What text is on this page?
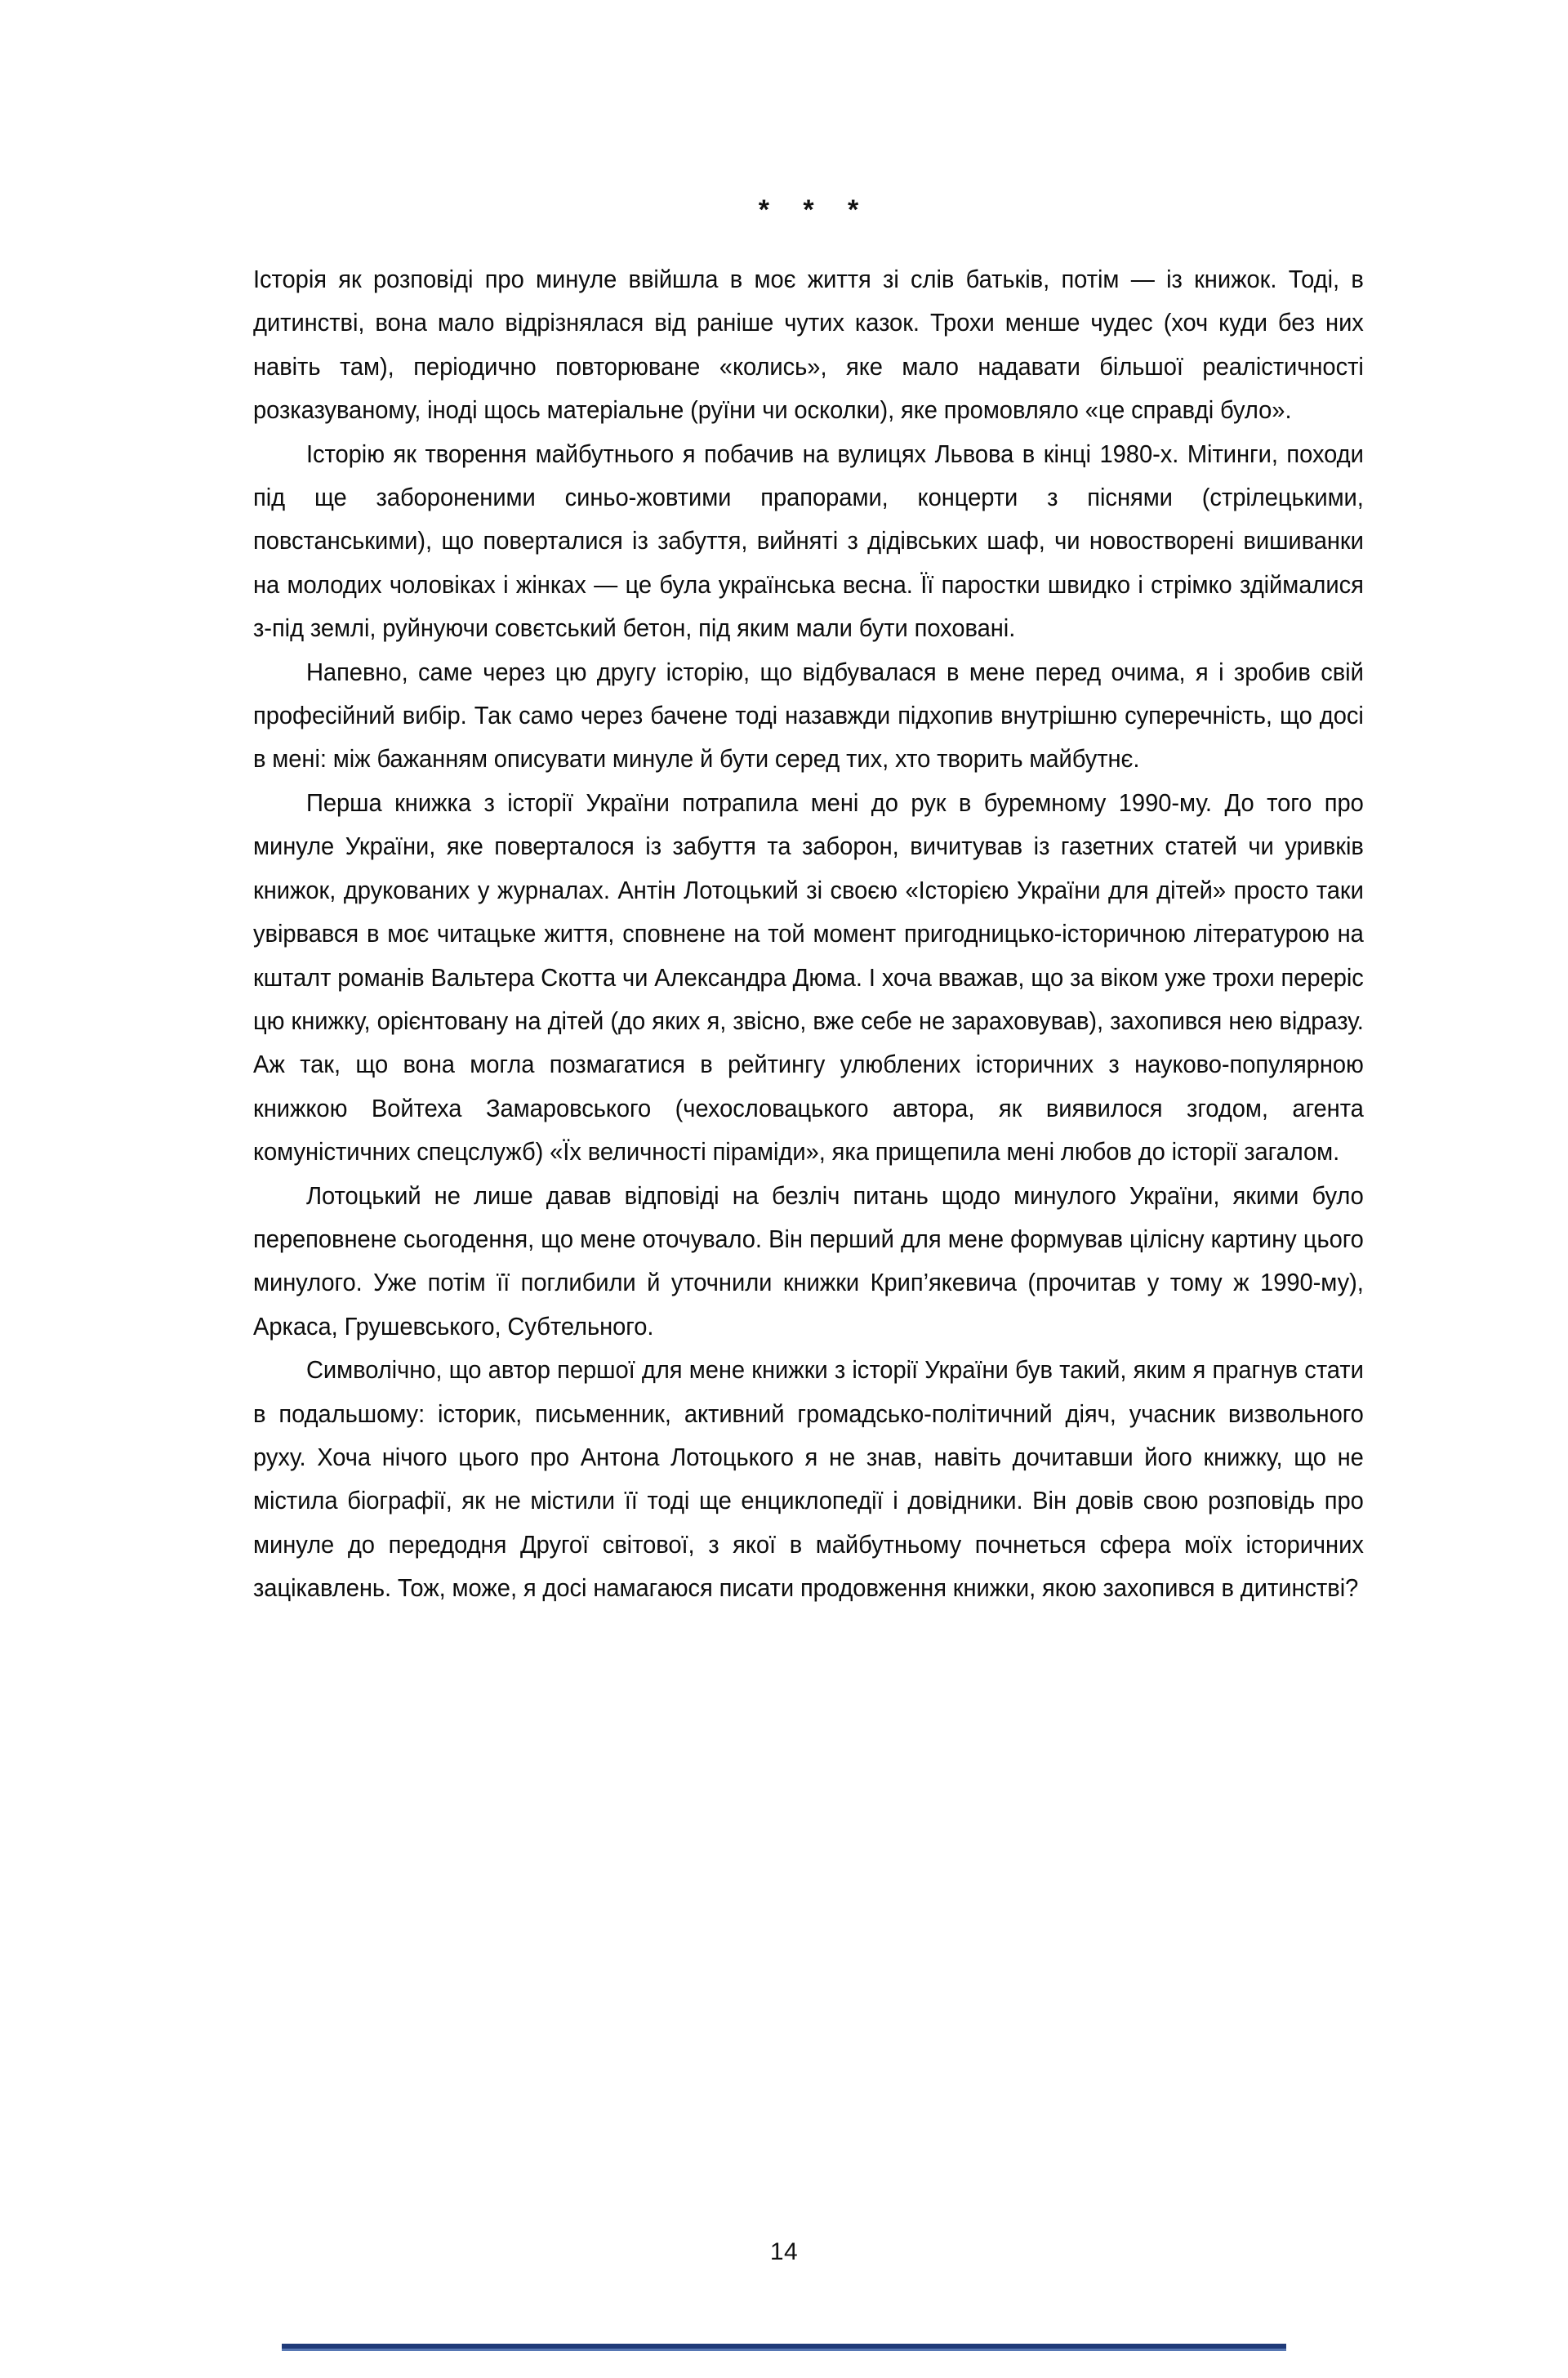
* * *

Історія як розповіді про минуле ввійшла в моє життя зі слів батьків, потім — із книжок. Тоді, в дитинстві, вона мало відрізнялася від раніше чутих казок. Трохи менше чудес (хоч куди без них навіть там), періодично повторюване «колись», яке мало надавати більшої реалістичності розказуваному, іноді щось матеріальне (руїни чи осколки), яке промовляло «це справді було».

Історію як творення майбутнього я побачив на вулицях Львова в кінці 1980-х. Мітинги, походи під ще забороненими синьо-жовтими прапорами, концерти з піснями (стрілецькими, повстанськими), що поверталися із забуття, вийняті з дідівських шаф, чи новостворені вишиванки на молодих чоловіках і жінках — це була українська весна. Її паростки швидко і стрімко здіймалися з-під землі, руйнуючи совєтський бетон, під яким мали бути поховані.

Напевно, саме через цю другу історію, що відбувалася в мене перед очима, я і зробив свій професійний вибір. Так само через бачене тоді назавжди підхопив внутрішню суперечність, що досі в мені: між бажанням описувати минуле й бути серед тих, хто творить майбутнє.

Перша книжка з історії України потрапила мені до рук в буремному 1990-му. До того про минуле України, яке поверталося із забуття та заборон, вичитував із газетних статей чи уривків книжок, друкованих у журналах. Антін Лотоцький зі своєю «Історією України для дітей» просто таки увірвався в моє читацьке життя, сповнене на той момент пригодницько-історичною літературою на кшталт романів Вальтера Скотта чи Александра Дюма. І хоча вважав, що за віком уже трохи переріс цю книжку, орієнтовану на дітей (до яких я, звісно, вже себе не зараховував), захопився нею відразу. Аж так, що вона могла позмагатися в рейтингу улюблених історичних з науково-популярною книжкою Войтеха Замаровського (чехословацького автора, як виявилося згодом, агента комуністичних спецслужб) «Їх величності піраміди», яка прищепила мені любов до історії загалом.

Лотоцький не лише давав відповіді на безліч питань щодо минулого України, якими було переповнене сьогодення, що мене оточувало. Він перший для мене формував цілісну картину цього минулого. Уже потім її поглибили й уточнили книжки Крип’якевича (прочитав у тому ж 1990-му), Аркаса, Грушевського, Субтельного.

Символічно, що автор першої для мене книжки з історії України був такий, яким я прагнув стати в подальшому: історик, письменник, активний громадсько-політичний діяч, учасник визвольного руху. Хоча нічого цього про Антона Лотоцького я не знав, навіть дочитавши його книжку, що не містила біографії, як не містили її тоді ще енциклопедії і довідники. Він довів свою розповідь про минуле до передодня Другої світової, з якої в майбутньому почнеться сфера моїх історичних зацікавлень. Тож, може, я досі намагаюся писати продовження книжки, якою захопився в дитинстві?

14
